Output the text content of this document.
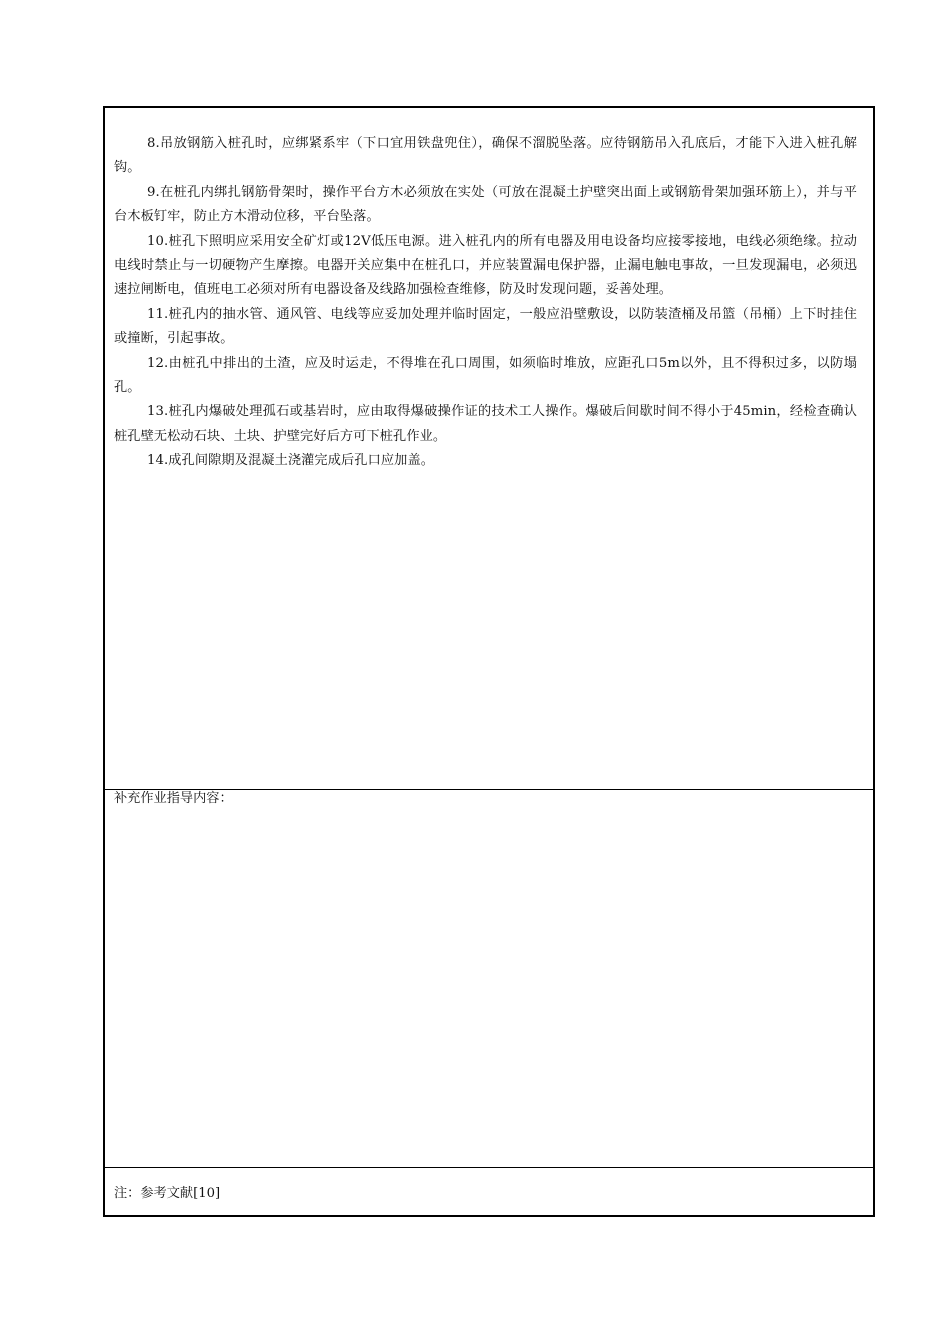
8.吊放钢筋入桩孔时，应绑紧系牢（下口宜用铁盘兜住），确保不溜脱坠落。应待钢筋吊入孔底后，才能下入进入桩孔解钩。

9.在桩孔内绑扎钢筋骨架时，操作平台方木必须放在实处（可放在混凝土护壁突出面上或钢筋骨架加强环筋上），并与平台木板钉牢，防止方木滑动位移，平台坠落。

10.桩孔下照明应采用安全矿灯或12V低压电源。进入桩孔内的所有电器及用电设备均应接零接地，电线必须绝缘。拉动电线时禁止与一切硬物产生摩擦。电器开关应集中在桩孔口，并应装置漏电保护器，止漏电触电事故，一旦发现漏电，必须迅速拉闸断电，值班电工必须对所有电器设备及线路加强检查维修，防及时发现问题，妥善处理。

11.桩孔内的抽水管、通风管、电线等应妥加处理并临时固定，一般应沿壁敷设，以防装渣桶及吊篮（吊桶）上下时挂住或撞断，引起事故。

12.由桩孔中排出的土渣，应及时运走，不得堆在孔口周围，如须临时堆放，应距孔口5m以外，且不得积过多，以防塌孔。

13.桩孔内爆破处理孤石或基岩时，应由取得爆破操作证的技术工人操作。爆破后间歇时间不得小于45min，经检查确认桩孔壁无松动石块、土块、护壁完好后方可下桩孔作业。

14.成孔间隙期及混凝土浇灌完成后孔口应加盖。

补充作业指导内容：

注：参考文献[10]
